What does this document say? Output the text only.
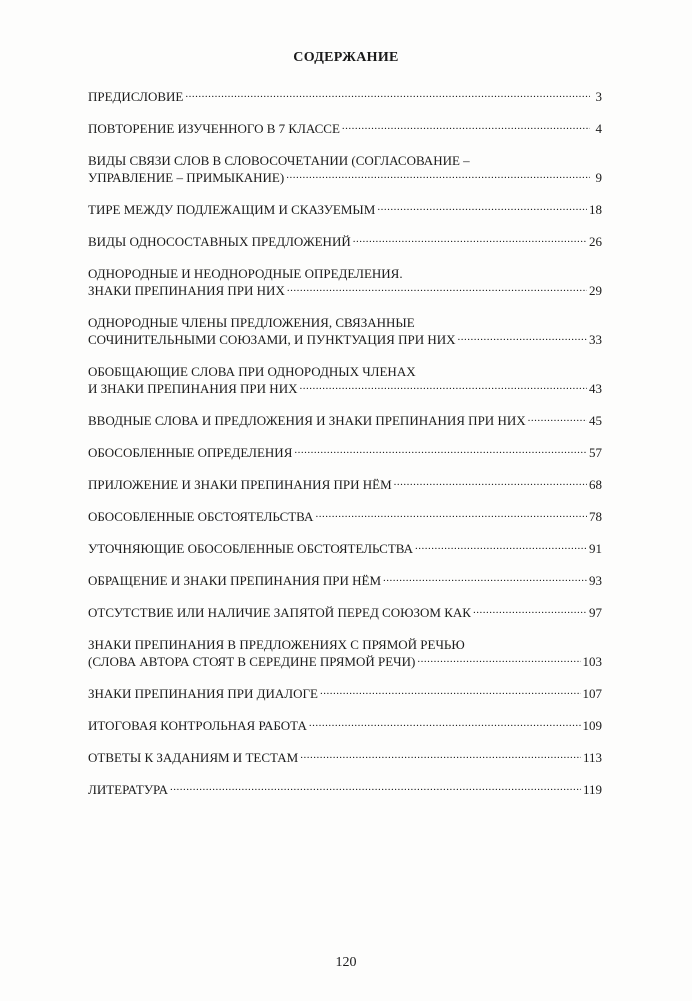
СОДЕРЖАНИЕ
ПРЕДИСЛОВИЕ .....	3
ПОВТОРЕНИЕ ИЗУЧЕННОГО В 7 КЛАССЕ .....	4
ВИДЫ СВЯЗИ СЛОВ В СЛОВОСОЧЕТАНИИ (СОГЛАСОВАНИЕ –
УПРАВЛЕНИЕ – ПРИМЫКАНИЕ) .....	9
ТИРЕ МЕЖДУ ПОДЛЕЖАЩИМ И СКАЗУЕМЫМ .....	18
ВИДЫ ОДНОСОСТАВНЫХ ПРЕДЛОЖЕНИЙ .....	26
ОДНОРОДНЫЕ И НЕОДНОРОДНЫЕ ОПРЕДЕЛЕНИЯ.
ЗНАКИ ПРЕПИНАНИЯ ПРИ НИХ .....	29
ОДНОРОДНЫЕ ЧЛЕНЫ ПРЕДЛОЖЕНИЯ, СВЯЗАННЫЕ
СОЧИНИТЕЛЬНЫМИ СОЮЗАМИ, И ПУНКТУАЦИЯ ПРИ НИХ .....	33
ОБОБЩАЮЩИЕ СЛОВА ПРИ ОДНОРОДНЫХ ЧЛЕНАХ
И ЗНАКИ ПРЕПИНАНИЯ ПРИ НИХ .....	43
ВВОДНЫЕ СЛОВА И ПРЕДЛОЖЕНИЯ И ЗНАКИ ПРЕПИНАНИЯ ПРИ НИХ .....	45
ОБОСОБЛЕННЫЕ ОПРЕДЕЛЕНИЯ .....	57
ПРИЛОЖЕНИЕ И ЗНАКИ ПРЕПИНАНИЯ ПРИ НЁМ .....	68
ОБОСОБЛЕННЫЕ ОБСТОЯТЕЛЬСТВА .....	78
УТОЧНЯЮЩИЕ ОБОСОБЛЕННЫЕ ОБСТОЯТЕЛЬСТВА .....	91
ОБРАЩЕНИЕ И ЗНАКИ ПРЕПИНАНИЯ ПРИ НЁМ .....	93
ОТСУТСТВИЕ ИЛИ НАЛИЧИЕ ЗАПЯТОЙ ПЕРЕД СОЮЗОМ КАК .....	97
ЗНАКИ ПРЕПИНАНИЯ В ПРЕДЛОЖЕНИЯХ С ПРЯМОЙ РЕЧЬЮ
(СЛОВА АВТОРА СТОЯТ В СЕРЕДИНЕ ПРЯМОЙ РЕЧИ) .....	103
ЗНАКИ ПРЕПИНАНИЯ ПРИ ДИАЛОГЕ .....	107
ИТОГОВАЯ КОНТРОЛЬНАЯ РАБОТА .....	109
ОТВЕТЫ К ЗАДАНИЯМ И ТЕСТАМ .....	113
ЛИТЕРАТУРА .....	119
120
